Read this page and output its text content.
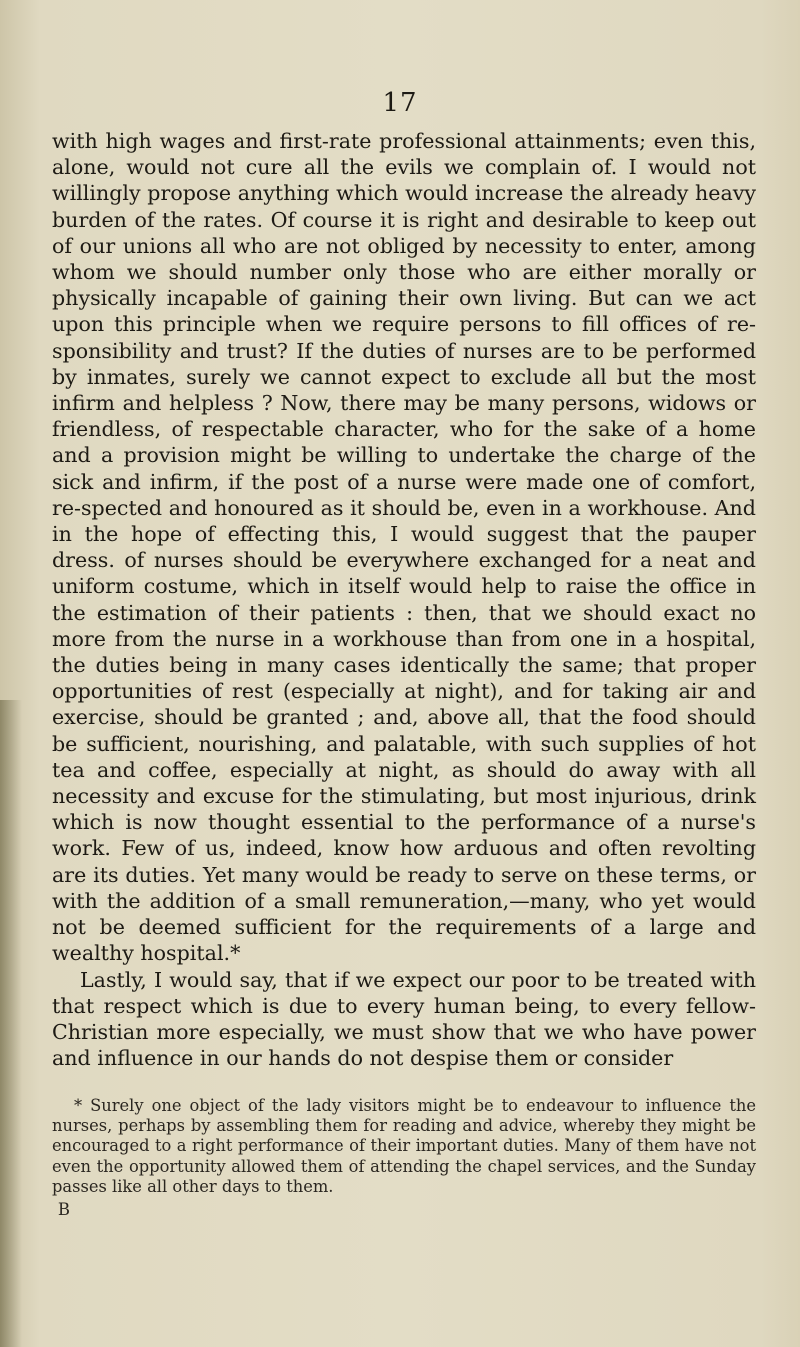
17

with high wages and first-rate professional attainments; even this, alone, would not cure all the evils we complain of. I would not willingly propose anything which would increase the already heavy burden of the rates. Of course it is right and desirable to keep out of our unions all who are not obliged by necessity to enter, among whom we should number only those who are either morally or physically incapable of gaining their own living. But can we act upon this principle when we require persons to fill offices of re-sponsibility and trust? If the duties of nurses are to be performed by inmates, surely we cannot expect to exclude all but the most infirm and helpless ? Now, there may be many persons, widows or friendless, of respectable character, who for the sake of a home and a provision might be willing to undertake the charge of the sick and infirm, if the post of a nurse were made one of comfort, re-spected and honoured as it should be, even in a workhouse. And in the hope of effecting this, I would suggest that the pauper dress. of nurses should be everywhere exchanged for a neat and uniform costume, which in itself would help to raise the office in the estimation of their patients : then, that we should exact no more from the nurse in a workhouse than from one in a hospital, the duties being in many cases identically the same; that proper opportunities of rest (especially at night), and for taking air and exercise, should be granted ; and, above all, that the food should be sufficient, nourishing, and palatable, with such supplies of hot tea and coffee, especially at night, as should do away with all necessity and excuse for the stimulating, but most injurious, drink which is now thought essential to the performance of a nurse's work. Few of us, indeed, know how arduous and often revolting are its duties. Yet many would be ready to serve on these terms, or with the addition of a small remuneration,—many, who yet would not be deemed sufficient for the requirements of a large and wealthy hospital.*

Lastly, I would say, that if we expect our poor to be treated with that respect which is due to every human being, to every fellow-Christian more especially, we must show that we who have power and influence in our hands do not despise them or consider

* Surely one object of the lady visitors might be to endeavour to influence the nurses, perhaps by assembling them for reading and advice, whereby they might be encouraged to a right performance of their important duties. Many of them have not even the opportunity allowed them of attending the chapel services, and the Sunday passes like all other days to them.

B
